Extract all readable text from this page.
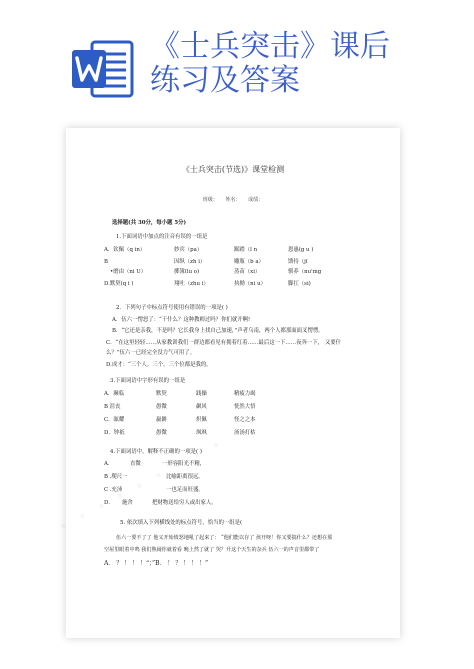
《士兵突击》课后
练习及答案
《士兵突击(节选)》课堂检测
班级： 姓名： 成绩：
选择题(共 30分，每小题 5分)
1.下面词语中加点的注音有误的一组是
A．钦佩（q in）	妙宾（pa）	踞踏（l n	恩惠(g u )
B	因纵（zh i）	雕瓶（b a）	馈持（jī
•磨由（ni U）	掷簿(lu o)	蒸苗（xi）	驯养（nu'mg
D.默契(q i )	翔吐（zhu i）	执拗（ni u）	脚扛（si)
2．下列句子中标点符号使用有错误的一项是( )
A．伍六一愣怒了：“干什么？这种教师过吗？你们就开啊!
B．“它还是亲我，不是吗？它长我身上找自己加速，”声者乌南，两个人都那面面叉愣愣。
C．“在这里轻轻……从家教训我们一群边都看见有拥着红着……最后这一下……夜奔一下， 又要什
么？”伍六一已经完全没力气可用了。
D.成才：“三个人。三个，三个位都是我的。
3.下面词语中字形有误的一组是
A．濒临	默契	践操	精疲力竭
B 沮丧	愚微	飙风	恍然大悟
C．眩耀	羸僻	炽佩	怪之之本
D．钟祇	愚微	飒飒	汤汤打枯
4.下面词语中，解释不正确的一项是( )
A．	直微	一形容阳光不精，
B .爬尺一	比喻距离很远。
C .充沛	一也足而旺盛。
D． 施舍	把财物送给穷人或出家人。
5. 依次填入下列横线处的标点符号，恰当的一组是(
伍六一要不了了 他义开始愤怒地吼了起来了： “他们能以存了 孩开呀！你又要搞什么？还想在那
空屋里眼着中鸣 我们熟闹你就着看 晚上然了就了 哭？升这个天生的杂兵 伍六一的声音里都带了
A． ？ ！ ！ ！“；”B． ！ ？ ！ ！ ！”
